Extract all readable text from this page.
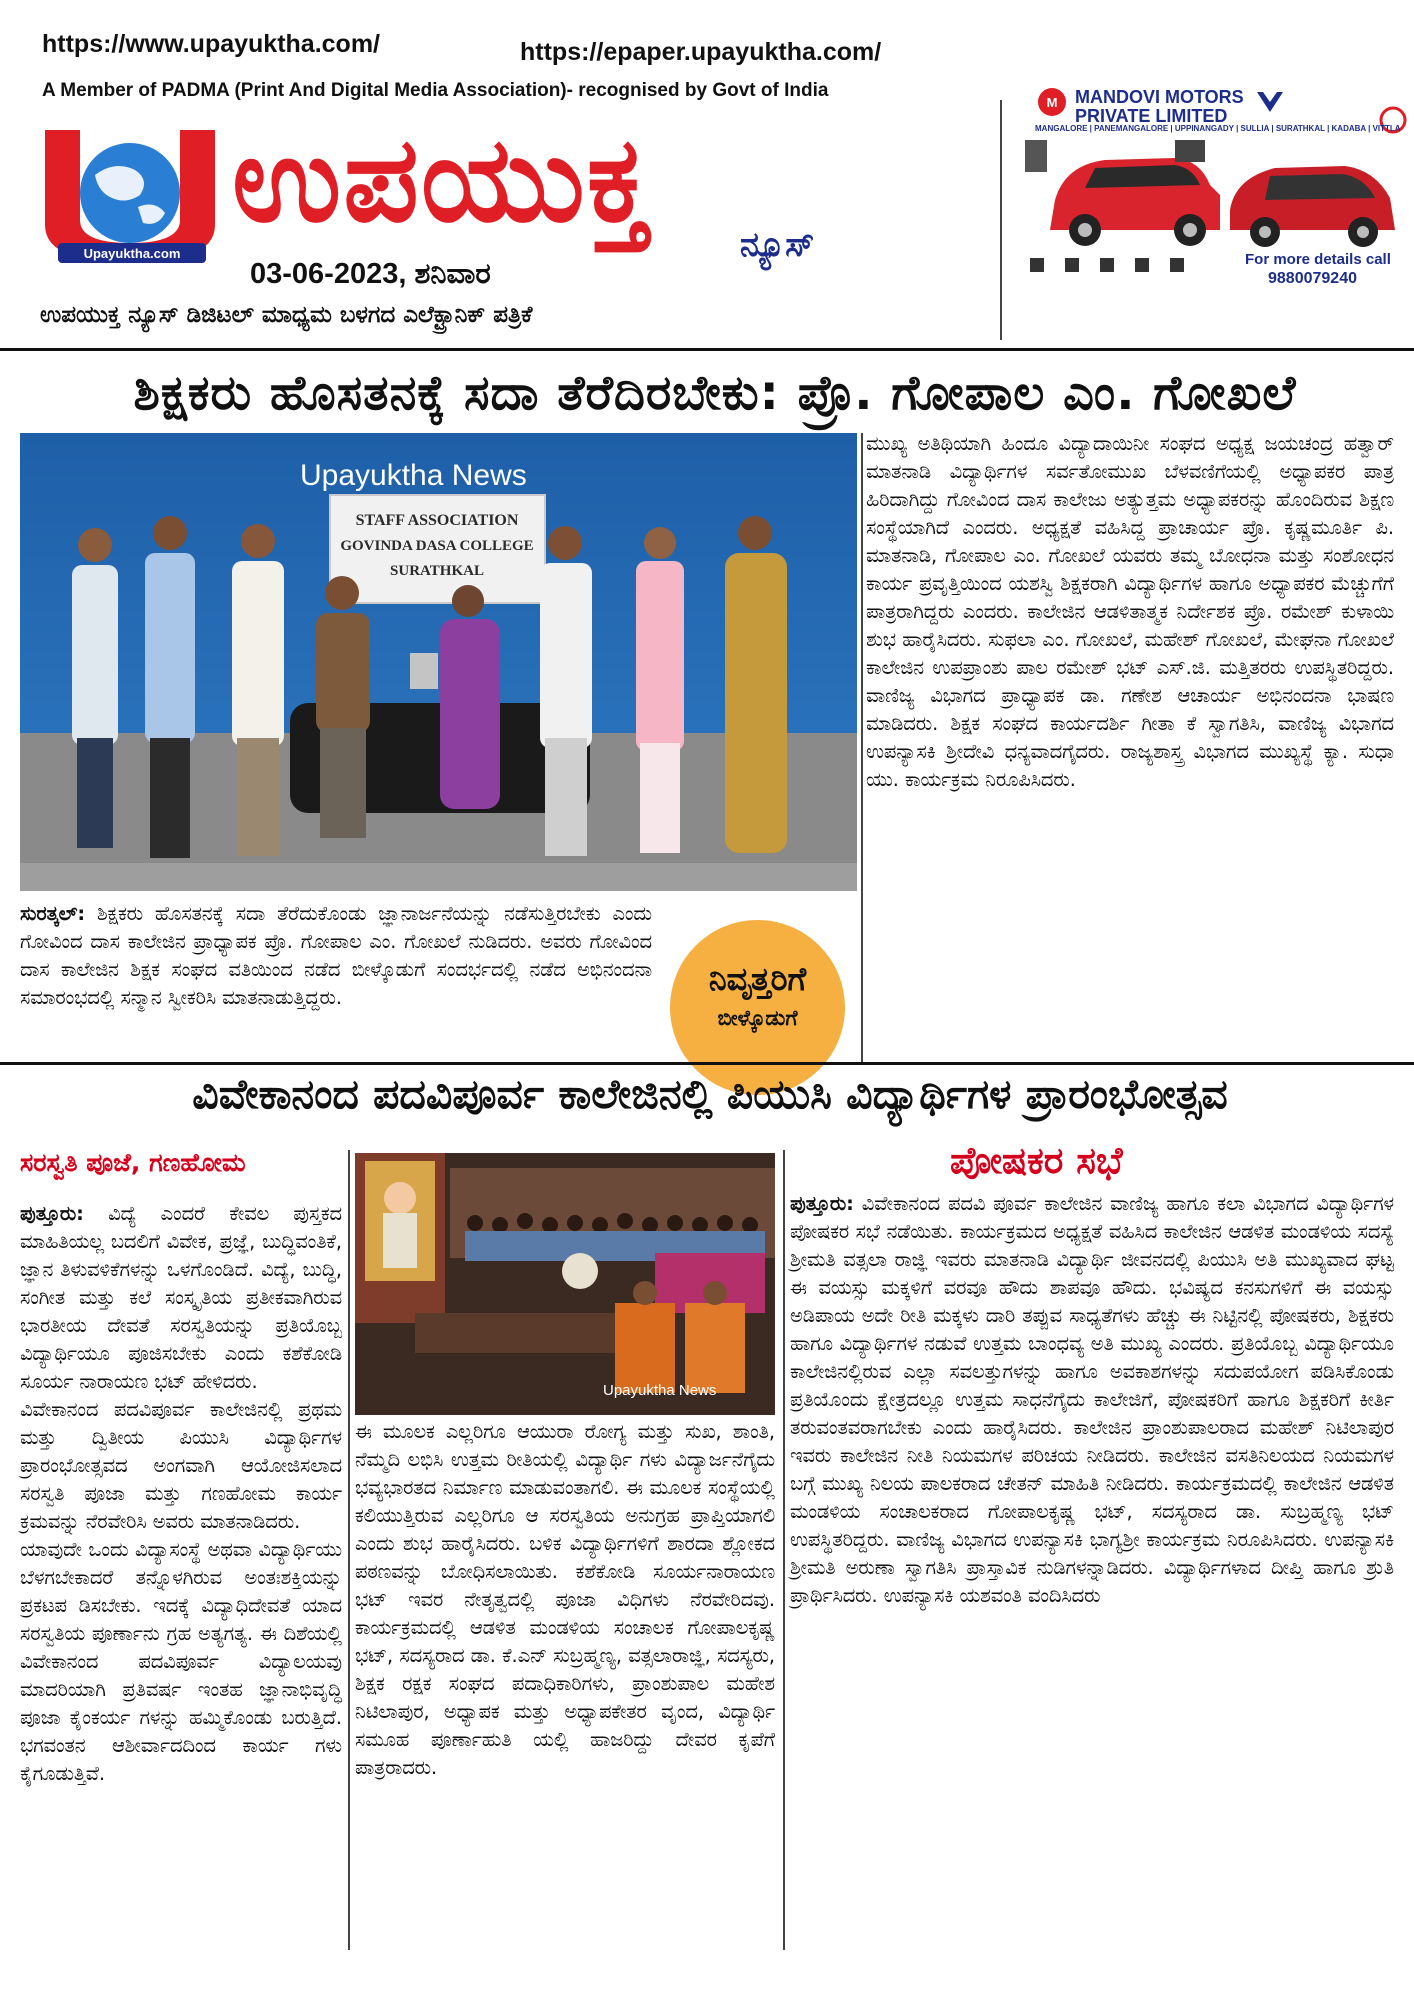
https://www.upayuktha.com/	https://epaper.upayuktha.com/
A Member of PADMA (Print And Digital Media Association)- recognised by Govt of India
Upayuktha.com
ಉಪಯುಕ್ತ	ನ್ಯೂಸ್
03-06-2023, ಶನಿವಾರ
ಉಪಯುಕ್ತ ನ್ಯೂಸ್ ಡಿಜಿಟಲ್ ಮಾಧ್ಯಮ ಬಳಗದ ಎಲೆಕ್ಟ್ರಾನಿಕ್ ಪತ್ರಿಕೆ
M MANDOVI MOTORS
PRIVATE LIMITED
MANGALORE | PANEMANGALORE | UPPINANGADY | SULLIA | SURATHKAL | KADABA | VITTLA
For more details call
9880079240
ಶಿಕ್ಷಕರು ಹೊಸತನಕ್ಕೆ ಸದಾ ತೆರೆದಿರಬೇಕು: ಪ್ರೊ. ಗೋಪಾಲ ಎಂ. ಗೋಖಲೆ
STAFF ASSOCIATION
GOVINDA DASA COLLEGE
SURATHKAL
Upayuktha News
ಮುಖ್ಯ ಅತಿಥಿಯಾಗಿ ಹಿಂದೂ ವಿದ್ಯಾದಾಯಿನೀ ಸಂಘದ ಅಧ್ಯಕ್ಷ ಜಯಚಂದ್ರ ಹತ್ವಾರ್ ಮಾತನಾಡಿ ವಿದ್ಯಾರ್ಥಿಗಳ ಸರ್ವತೋಮುಖ ಬೆಳವಣಿಗೆಯಲ್ಲಿ ಅಧ್ಯಾಪಕರ ಪಾತ್ರ ಹಿರಿದಾಗಿದ್ದು ಗೋವಿಂದ ದಾಸ ಕಾಲೇಜು ಅತ್ಯುತ್ತಮ ಅಧ್ಯಾಪಕರನ್ನು ಹೊಂದಿರುವ ಶಿಕ್ಷಣ ಸಂಸ್ಥೆಯಾಗಿದೆ ಎಂದರು. ಅಧ್ಯಕ್ಷತೆ ವಹಿಸಿದ್ದ ಪ್ರಾಚಾರ್ಯ ಪ್ರೊ. ಕೃಷ್ಣಮೂರ್ತಿ ಪಿ. ಮಾತನಾಡಿ, ಗೋಪಾಲ ಎಂ. ಗೋಖಲೆ ಯವರು ತಮ್ಮ ಬೋಧನಾ ಮತ್ತು ಸಂಶೋಧನ ಕಾರ್ಯ ಪ್ರವೃತ್ತಿಯಿಂದ ಯಶಸ್ವಿ ಶಿಕ್ಷಕರಾಗಿ ವಿದ್ಯಾರ್ಥಿಗಳ ಹಾಗೂ ಅಧ್ಯಾಪಕರ ಮೆಚ್ಚುಗೆಗೆ ಪಾತ್ರರಾಗಿದ್ದರು ಎಂದರು. ಕಾಲೇಜಿನ ಆಡಳಿತಾತ್ಮಕ ನಿರ್ದೇಶಕ ಪ್ರೊ. ರಮೇಶ್ ಕುಳಾಯಿ ಶುಭ ಹಾರೈಸಿದರು. ಸುಫಲಾ ಎಂ. ಗೋಖಲೆ, ಮಹೇಶ್ ಗೋಖಲೆ, ಮೇಘನಾ ಗೋಖಲೆ ಕಾಲೇಜಿನ ಉಪಪ್ರಾಂಶು ಪಾಲ ರಮೇಶ್ ಭಟ್ ಎಸ್.ಜಿ. ಮತ್ತಿತರರು ಉಪಸ್ಥಿತರಿದ್ದರು. ವಾಣಿಜ್ಯ ವಿಭಾಗದ ಪ್ರಾಧ್ಯಾಪಕ ಡಾ. ಗಣೇಶ ಆಚಾರ್ಯ ಅಭಿನಂದನಾ ಭಾಷಣ ಮಾಡಿದರು. ಶಿಕ್ಷಕ ಸಂಘದ ಕಾರ್ಯದರ್ಶಿ ಗೀತಾ ಕೆ ಸ್ವಾಗತಿಸಿ, ವಾಣಿಜ್ಯ ವಿಭಾಗದ ಉಪನ್ಯಾಸಕಿ ಶ್ರೀದೇವಿ ಧನ್ಯವಾದಗೈದರು. ರಾಜ್ಯಶಾಸ್ತ್ರ ವಿಭಾಗದ ಮುಖ್ಯಸ್ಥೆ ಕ್ಯಾ. ಸುಧಾ ಯು. ಕಾರ್ಯಕ್ರಮ ನಿರೂಪಿಸಿದರು.
ಸುರತ್ಕಲ್: ಶಿಕ್ಷಕರು ಹೊಸತನಕ್ಕೆ ಸದಾ ತೆರೆದುಕೊಂಡು ಜ್ಞಾನಾರ್ಜನೆಯನ್ನು ನಡೆಸುತ್ತಿರಬೇಕು ಎಂದು ಗೋವಿಂದ ದಾಸ ಕಾಲೇಜಿನ ಪ್ರಾಧ್ಯಾಪಕ ಪ್ರೊ. ಗೋಪಾಲ ಎಂ. ಗೋಖಲೆ ನುಡಿದರು. ಅವರು ಗೋವಿಂದ ದಾಸ ಕಾಲೇಜಿನ ಶಿಕ್ಷಕ ಸಂಘದ ವತಿಯಿಂದ ನಡೆದ ಬೀಳ್ಕೊಡುಗೆ ಸಂದರ್ಭದಲ್ಲಿ ನಡೆದ ಅಭಿನಂದನಾ ಸಮಾರಂಭದಲ್ಲಿ ಸನ್ಮಾನ ಸ್ವೀಕರಿಸಿ ಮಾತನಾಡುತ್ತಿದ್ದರು.	ನಿವೃತ್ತರಿಗೆ
ಬೀಳ್ಕೊಡುಗೆ
ವಿವೇಕಾನಂದ ಪದವಿಪೂರ್ವ ಕಾಲೇಜಿನಲ್ಲಿ ಪಿಯುಸಿ ವಿದ್ಯಾರ್ಥಿಗಳ ಪ್ರಾರಂಭೋತ್ಸವ
ಸರಸ್ವತಿ ಪೂಜೆ, ಗಣಹೋಮ	ಪೋಷಕರ ಸಭೆ
ಪುತ್ತೂರು: ವಿದ್ಯೆ ಎಂದರೆ ಕೇವಲ ಪುಸ್ತಕದ ಮಾಹಿತಿಯಲ್ಲ ಬದಲಿಗೆ ವಿವೇಕ, ಪ್ರಜ್ಞೆ, ಬುದ್ಧಿವಂತಿಕೆ, ಜ್ಞಾನ ತಿಳುವಳಿಕೆಗಳನ್ನು ಒಳಗೊಂಡಿದೆ. ವಿದ್ಯೆ, ಬುದ್ಧಿ, ಸಂಗೀತ ಮತ್ತು ಕಲೆ ಸಂಸ್ಕೃತಿಯ ಪ್ರತೀಕವಾಗಿರುವ ಭಾರತೀಯ ದೇವತೆ ಸರಸ್ವತಿಯನ್ನು ಪ್ರತಿಯೊಬ್ಬ ವಿದ್ಯಾರ್ಥಿಯೂ ಪೂಜಿಸಬೇಕು ಎಂದು ಕಶೆಕೋಡಿ ಸೂರ್ಯ ನಾರಾಯಣ ಭಟ್ ಹೇಳಿದರು.
ವಿವೇಕಾನಂದ ಪದವಿಪೂರ್ವ ಕಾಲೇಜಿನಲ್ಲಿ ಪ್ರಥಮ ಮತ್ತು ದ್ವಿತೀಯ ಪಿಯುಸಿ ವಿದ್ಯಾರ್ಥಿಗಳ ಪ್ರಾರಂಭೋತ್ಸವದ ಅಂಗವಾಗಿ ಆಯೋಜಿಸಲಾದ ಸರಸ್ವತಿ ಪೂಜಾ ಮತ್ತು ಗಣಹೋಮ ಕಾರ್ಯ ಕ್ರಮವನ್ನು ನೆರವೇರಿಸಿ ಅವರು ಮಾತನಾಡಿದರು.
ಯಾವುದೇ ಒಂದು ವಿದ್ಯಾಸಂಸ್ಥೆ ಅಥವಾ ವಿದ್ಯಾರ್ಥಿಯು ಬೆಳಗಬೇಕಾದರೆ ತನ್ನೊಳಗಿರುವ ಅಂತಃಶಕ್ತಿಯನ್ನು ಪ್ರಕಟಪ ಡಿಸಬೇಕು. ಇದಕ್ಕೆ ವಿದ್ಯಾಧಿದೇವತೆ ಯಾದ ಸರಸ್ವತಿಯ ಪೂರ್ಣಾನು ಗ್ರಹ ಅತ್ಯಗತ್ಯ. ಈ ದಿಶೆಯಲ್ಲಿ ವಿವೇಕಾನಂದ ಪದವಿಪೂರ್ವ ವಿದ್ಯಾಲಯವು ಮಾದರಿಯಾಗಿ ಪ್ರತಿವರ್ಷ ಇಂತಹ ಜ್ಞಾನಾಭಿವೃದ್ಧಿ ಪೂಜಾ ಕೈಂಕರ್ಯ ಗಳನ್ನು ಹಮ್ಮಿಕೊಂಡು ಬರುತ್ತಿದೆ. ಭಗವಂತನ ಆಶೀರ್ವಾದದಿಂದ ಕಾರ್ಯ ಗಳು ಕೈಗೂಡುತ್ತಿವೆ.
Upayuktha News
ಈ ಮೂಲಕ ಎಲ್ಲರಿಗೂ ಆಯುರಾ ರೋಗ್ಯ ಮತ್ತು ಸುಖ, ಶಾಂತಿ, ನೆಮ್ಮದಿ ಲಭಿಸಿ ಉತ್ತಮ ರೀತಿಯಲ್ಲಿ ವಿದ್ಯಾರ್ಥಿ ಗಳು ವಿದ್ಯಾರ್ಜನೆಗೈದು ಭವ್ಯಭಾರತದ ನಿರ್ಮಾಣ ಮಾಡುವಂತಾಗಲಿ. ಈ ಮೂಲಕ ಸಂಸ್ಥೆಯಲ್ಲಿ ಕಲಿಯುತ್ತಿರುವ ಎಲ್ಲರಿಗೂ ಆ ಸರಸ್ವತಿಯ ಅನುಗ್ರಹ ಪ್ರಾಪ್ತಿಯಾಗಲಿ ಎಂದು ಶುಭ ಹಾರೈಸಿದರು. ಬಳಿಕ ವಿದ್ಯಾರ್ಥಿಗಳಿಗೆ ಶಾರದಾ ಶ್ಲೋಕದ ಪಠಣವನ್ನು ಬೋಧಿಸಲಾಯಿತು. ಕಶೆಕೋಡಿ ಸೂರ್ಯನಾರಾಯಣ ಭಟ್ ಇವರ ನೇತೃತ್ವದಲ್ಲಿ ಪೂಜಾ ವಿಧಿಗಳು ನೆರವೇರಿದವು. ಕಾರ್ಯಕ್ರಮದಲ್ಲಿ ಆಡಳಿತ ಮಂಡಳಿಯ ಸಂಚಾಲಕ ಗೋಪಾಲಕೃಷ್ಣ ಭಟ್, ಸದಸ್ಯರಾದ ಡಾ. ಕೆ.ಎನ್ ಸುಬ್ರಹ್ಮಣ್ಯ, ವತ್ಸಲಾರಾಜ್ಞಿ, ಸದಸ್ಯರು, ಶಿಕ್ಷಕ ರಕ್ಷಕ ಸಂಘದ ಪದಾಧಿಕಾರಿಗಳು, ಪ್ರಾಂಶುಪಾಲ ಮಹೇಶ ನಿಟಿಲಾಪುರ, ಅಧ್ಯಾಪಕ ಮತ್ತು ಅಧ್ಯಾಪಕೇತರ ವೃಂದ, ವಿದ್ಯಾರ್ಥಿ ಸಮೂಹ ಪೂರ್ಣಾಹುತಿ ಯಲ್ಲಿ ಹಾಜರಿದ್ದು ದೇವರ ಕೃಪೆಗೆ ಪಾತ್ರರಾದರು.
ಪುತ್ತೂರು: ವಿವೇಕಾನಂದ ಪದವಿ ಪೂರ್ವ ಕಾಲೇಜಿನ ವಾಣಿಜ್ಯ ಹಾಗೂ ಕಲಾ ವಿಭಾಗದ ವಿದ್ಯಾರ್ಥಿಗಳ ಪೋಷಕರ ಸಭೆ ನಡೆಯಿತು. ಕಾರ್ಯಕ್ರಮದ ಅಧ್ಯಕ್ಷತೆ ವಹಿಸಿದ ಕಾಲೇಜಿನ ಆಡಳಿತ ಮಂಡಳಿಯ ಸದಸ್ಯೆ ಶ್ರೀಮತಿ ವತ್ಸಲಾ ರಾಜ್ಞಿ ಇವರು ಮಾತನಾಡಿ ವಿದ್ಯಾರ್ಥಿ ಜೀವನದಲ್ಲಿ ಪಿಯುಸಿ ಅತಿ ಮುಖ್ಯವಾದ ಘಟ್ಟ ಈ ವಯಸ್ಸು ಮಕ್ಕಳಿಗೆ ವರವೂ ಹೌದು ಶಾಪವೂ ಹೌದು. ಭವಿಷ್ಯದ ಕನಸುಗಳಿಗೆ ಈ ವಯಸ್ಸು ಅಡಿಪಾಯ ಅದೇ ರೀತಿ ಮಕ್ಕಳು ದಾರಿ ತಪ್ಪುವ ಸಾಧ್ಯತೆಗಳು ಹೆಚ್ಚು ಈ ನಿಟ್ಟಿನಲ್ಲಿ ಪೋಷಕರು, ಶಿಕ್ಷಕರು ಹಾಗೂ ವಿದ್ಯಾರ್ಥಿಗಳ ನಡುವೆ ಉತ್ತಮ ಬಾಂಧವ್ಯ ಅತಿ ಮುಖ್ಯ ಎಂದರು. ಪ್ರತಿಯೊಬ್ಬ ವಿದ್ಯಾರ್ಥಿಯೂ ಕಾಲೇಜಿನಲ್ಲಿರುವ ಎಲ್ಲಾ ಸವಲತ್ತುಗಳನ್ನು ಹಾಗೂ ಅವಕಾಶಗಳನ್ನು ಸದುಪಯೋಗ ಪಡಿಸಿಕೊಂಡು ಪ್ರತಿಯೊಂದು ಕ್ಷೇತ್ರದಲ್ಲೂ ಉತ್ತಮ ಸಾಧನೆಗೈದು ಕಾಲೇಜಿಗೆ, ಪೋಷಕರಿಗೆ ಹಾಗೂ ಶಿಕ್ಷಕರಿಗೆ ಕೀರ್ತಿ ತರುವಂತವರಾಗಬೇಕು ಎಂದು ಹಾರೈಸಿದರು. ಕಾಲೇಜಿನ ಪ್ರಾಂಶುಪಾಲರಾದ ಮಹೇಶ್ ನಿಟಿಲಾಪುರ ಇವರು ಕಾಲೇಜಿನ ನೀತಿ ನಿಯಮಗಳ ಪರಿಚಯ ನೀಡಿದರು. ಕಾಲೇಜಿನ ವಸತಿನಿಲಯದ ನಿಯಮಗಳ ಬಗ್ಗೆ ಮುಖ್ಯ ನಿಲಯ ಪಾಲಕರಾದ ಚೇತನ್ ಮಾಹಿತಿ ನೀಡಿದರು. ಕಾರ್ಯಕ್ರಮದಲ್ಲಿ ಕಾಲೇಜಿನ ಆಡಳಿತ ಮಂಡಳಿಯ ಸಂಚಾಲಕರಾದ ಗೋಪಾಲಕೃಷ್ಣ ಭಟ್, ಸದಸ್ಯರಾದ ಡಾ. ಸುಬ್ರಹ್ಮಣ್ಯ ಭಟ್ ಉಪಸ್ಥಿತರಿದ್ದರು. ವಾಣಿಜ್ಯ ವಿಭಾಗದ ಉಪನ್ಯಾಸಕಿ ಭಾಗ್ಯಶ್ರೀ ಕಾರ್ಯಕ್ರಮ ನಿರೂಪಿಸಿದರು. ಉಪನ್ಯಾಸಕಿ ಶ್ರೀಮತಿ ಅರುಣಾ ಸ್ವಾಗತಿಸಿ ಪ್ರಾಸ್ತಾವಿಕ ನುಡಿಗಳನ್ನಾಡಿದರು. ವಿದ್ಯಾರ್ಥಿಗಳಾದ ದೀಪ್ತಿ ಹಾಗೂ ಶ್ರುತಿ ಪ್ರಾರ್ಥಿಸಿದರು. ಉಪನ್ಯಾಸಕಿ ಯಶವಂತಿ ವಂದಿಸಿದರು
